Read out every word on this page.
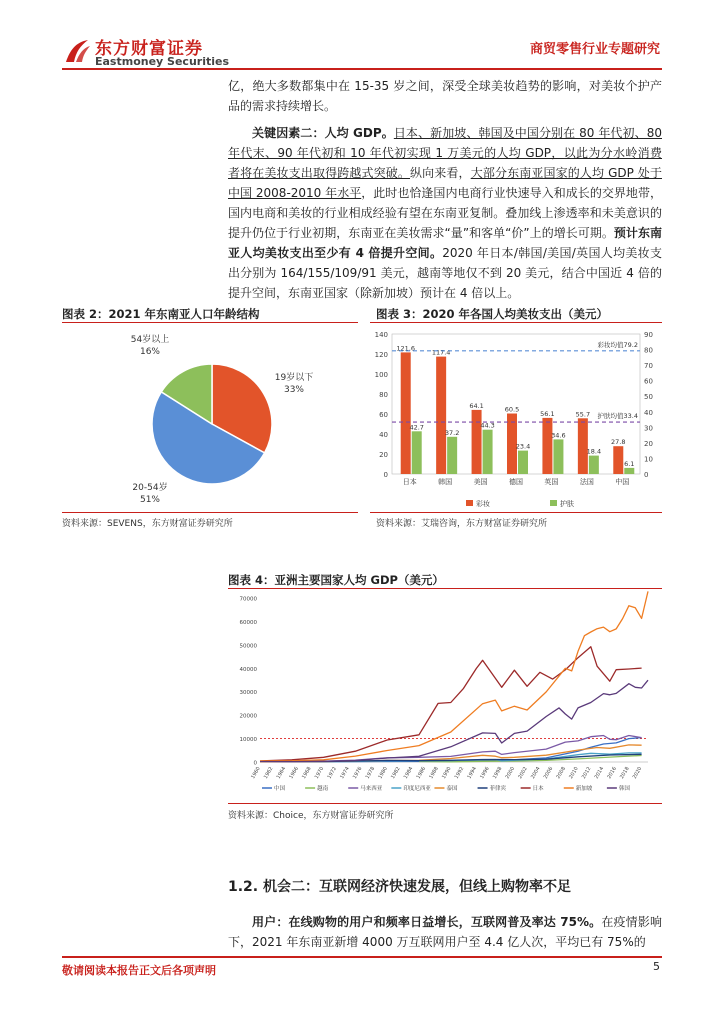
东方财富证券
Eastmoney Securities
商贸零售行业专题研究
亿，绝大多数都集中在 15-35 岁之间，深受全球美妆趋势的影响，对美妆个护产品的需求持续增长。
关键因素二：人均 GDP。日本、新加坡、韩国及中国分别在 80 年代初、80 年代末、90 年代初和 10 年代初实现 1 万美元的人均 GDP，以此为分水岭消费者将在美妆支出取得跨越式突破。纵向来看，大部分东南亚国家的人均 GDP 处于中国 2008-2010 年水平，此时也恰逢国内电商行业快速导入和成长的交界地带，国内电商和美妆的行业相成经验有望在东南亚复制。叠加线上渗透率和未美意识的提升仍位于行业初期，东南亚在美妆需求“量”和客单“价”上的增长可期。预计东南亚人均美妆支出至少有 4 倍提升空间。2020 年日本/韩国/美国/英国人均美妆支出分别为 164/155/109/91 美元，越南等地仅不到 20 美元，结合中国近 4 倍的提升空间，东南亚国家（除新加坡）预计在 4 倍以上。
图表 2：2021 年东南亚人口年龄结构
19岁以下
33%
20-54岁
51%
54岁以上
16%
资料来源：SEVENS，东方财富证券研究所
图表 3：2020 年各国人均美妆支出（美元）
0
20
40
60
80
100
120
140
0
10
20
30
40
50
60
70
80
90
121.6
42.7
日本
117.4
37.2
韩国
64.1
44.3
美国
60.5
23.4
德国
56.1
34.6
英国
55.7
18.4
法国
27.8
6.1
中国
彩妆均值79.2
护肤均值33.4
彩妆	护肤
资料来源：艾瑞咨询，东方财富证券研究所
图表 4：亚洲主要国家人均 GDP（美元）
0
10000
20000
30000
40000
50000
60000
70000
1960 1962 1964 1966 1968 1970 1972 1974 1976 1978 1980 1982 1984 1986 1988 1990 1992 1994 1996 1998 2000 2002 2004 2006 2008 2010 2012 2014 2016 2018 2020
中国	越南	马来西亚	印度尼西亚	泰国	菲律宾	日本	新加坡	韩国
资料来源：Choice，东方财富证券研究所
1.2. 机会二：互联网经济快速发展，但线上购物率不足
用户：在线购物的用户和频率日益增长，互联网普及率达 75%。在疫情影响下，2021 年东南亚新增 4000 万互联网用户至 4.4 亿人次，平均已有 75%的
敬请阅读本报告正文后各项声明	5
